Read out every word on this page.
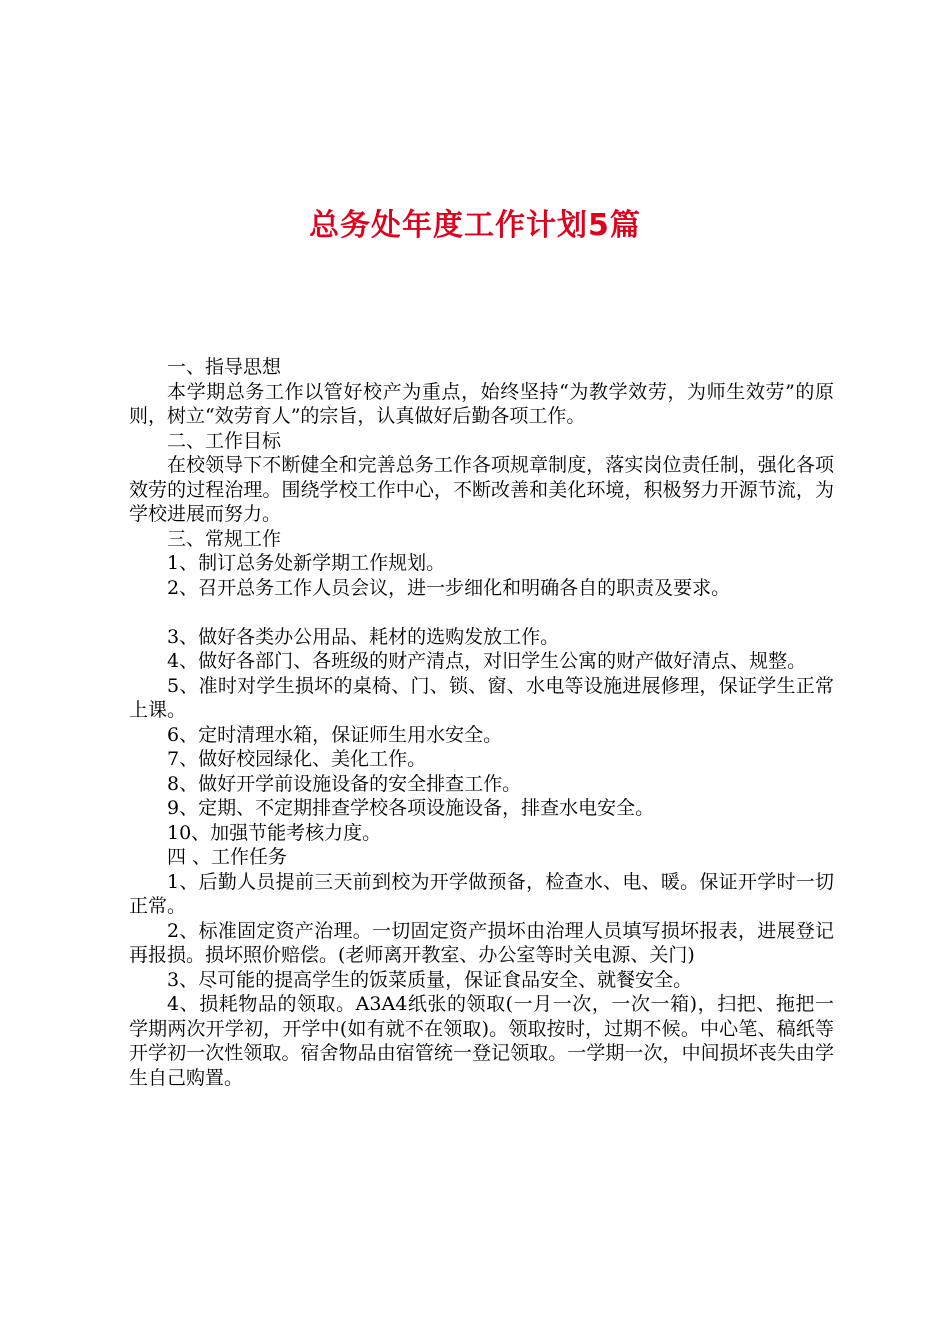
总务处年度工作计划5篇

一、指导思想

本学期总务工作以管好校产为重点，始终坚持“为教学效劳，为师生效劳”的原则，树立“效劳育人”的宗旨，认真做好后勤各项工作。

二、工作目标

在校领导下不断健全和完善总务工作各项规章制度，落实岗位责任制，强化各项效劳的过程治理。围绕学校工作中心，不断改善和美化环境，积极努力开源节流，为学校进展而努力。

三、常规工作

1、制订总务处新学期工作规划。

2、召开总务工作人员会议，进一步细化和明确各自的职责及要求。

3、做好各类办公用品、耗材的选购发放工作。

4、做好各部门、各班级的财产清点，对旧学生公寓的财产做好清点、规整。

5、准时对学生损坏的桌椅、门、锁、窗、水电等设施进展修理，保证学生正常上课。

6、定时清理水箱，保证师生用水安全。

7、做好校园绿化、美化工作。

8、做好开学前设施设备的安全排查工作。

9、定期、不定期排查学校各项设施设备，排查水电安全。

10、加强节能考核力度。

四 、工作任务

1、后勤人员提前三天前到校为开学做预备，检查水、电、暖。保证开学时一切正常。

2、标准固定资产治理。一切固定资产损坏由治理人员填写损坏报表，进展登记再报损。损坏照价赔偿。(老师离开教室、办公室等时关电源、关门)

3、尽可能的提高学生的饭菜质量，保证食品安全、就餐安全。

4、损耗物品的领取。A3A4纸张的领取(一月一次，一次一箱)，扫把、拖把一学期两次开学初，开学中(如有就不在领取)。领取按时，过期不候。中心笔、稿纸等开学初一次性领取。宿舍物品由宿管统一登记领取。一学期一次，中间损坏丧失由学生自己购置。
